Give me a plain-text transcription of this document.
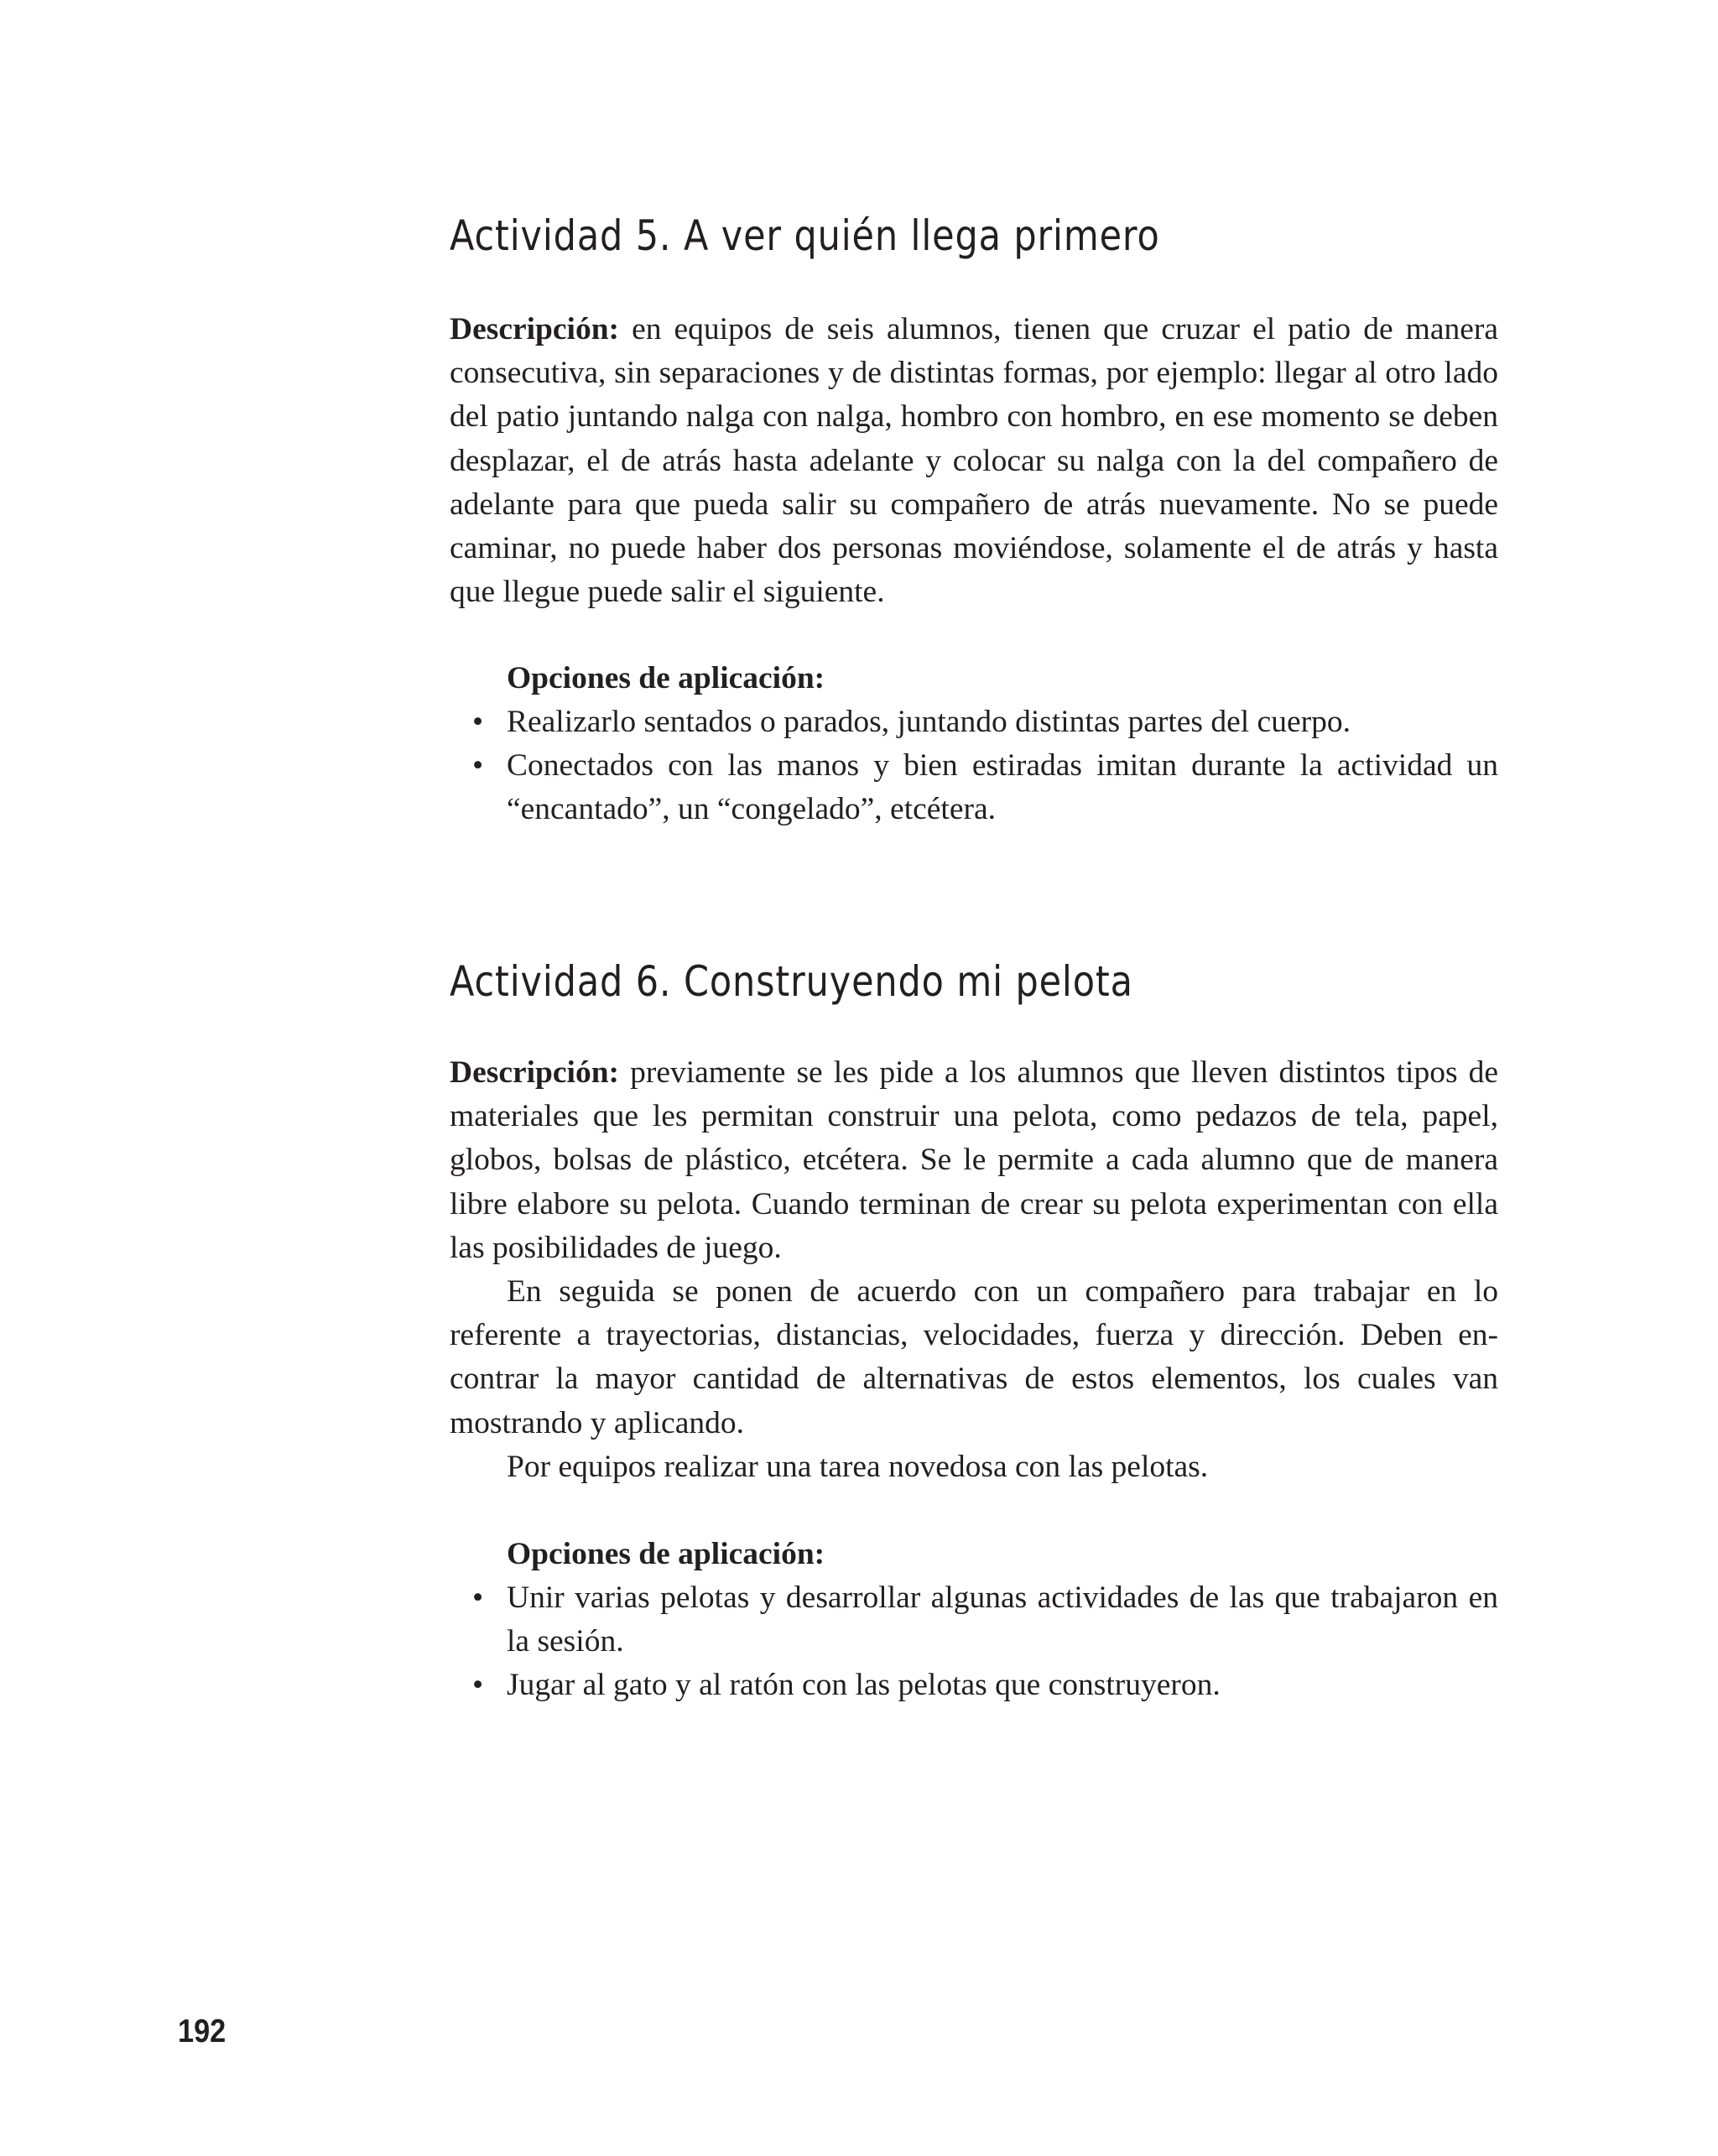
Actividad 5. A ver quién llega primero

Descripción: en equipos de seis alumnos, tienen que cruzar el patio de manera consecutiva, sin separaciones y de distintas formas, por ejemplo: llegar al otro lado del patio juntando nalga con nalga, hombro con hombro, en ese momento se deben desplazar, el de atrás hasta adelante y colocar su nalga con la del compañero de adelante para que pueda salir su compañero de atrás nuevamente. No se puede caminar, no puede haber dos personas moviéndose, solamente el de atrás y hasta que llegue puede salir el siguiente.

Opciones de aplicación:

• Realizarlo sentados o parados, juntando distintas partes del cuerpo.
• Conectados con las manos y bien estiradas imitan durante la actividad un “encantado”, un “congelado”, etcétera.
Actividad 6. Construyendo mi pelota

Descripción: previamente se les pide a los alumnos que lleven distintos tipos de materiales que les permitan construir una pelota, como pedazos de tela, papel, globos, bolsas de plástico, etcétera. Se le permite a cada alumno que de manera libre elabore su pelota. Cuando terminan de crear su pelota experimentan con ella las posibilidades de juego.

En seguida se ponen de acuerdo con un compañero para trabajar en lo referente a trayectorias, distancias, velocidades, fuerza y dirección. Deben encontrar la mayor cantidad de alternativas de estos elementos, los cuales van mostrando y aplicando.

Por equipos realizar una tarea novedosa con las pelotas.

Opciones de aplicación:

• Unir varias pelotas y desarrollar algunas actividades de las que trabajaron en la sesión.
• Jugar al gato y al ratón con las pelotas que construyeron.

192
